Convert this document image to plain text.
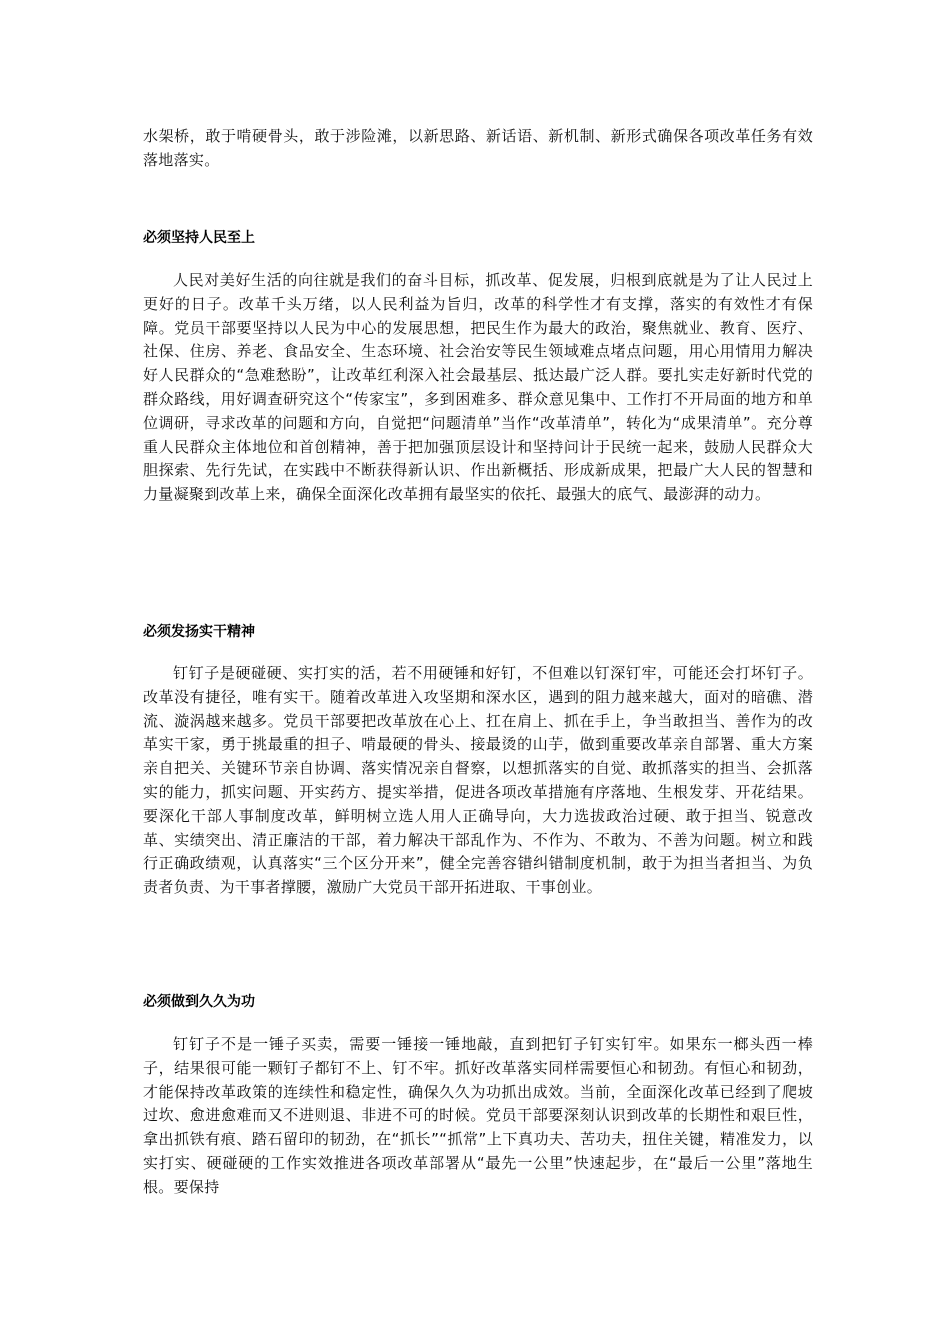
水架桥，敢于啃硬骨头，敢于涉险滩，以新思路、新话语、新机制、新形式确保各项改革任务有效落地落实。

必须坚持人民至上

人民对美好生活的向往就是我们的奋斗目标，抓改革、促发展，归根到底就是为了让人民过上更好的日子。改革千头万绪，以人民利益为旨归，改革的科学性才有支撑，落实的有效性才有保障。党员干部要坚持以人民为中心的发展思想，把民生作为最大的政治，聚焦就业、教育、医疗、社保、住房、养老、食品安全、生态环境、社会治安等民生领域难点堵点问题，用心用情用力解决好人民群众的“急难愁盼”，让改革红利深入社会最基层、抵达最广泛人群。要扎实走好新时代党的群众路线，用好调查研究这个“传家宝”，多到困难多、群众意见集中、工作打不开局面的地方和单位调研，寻求改革的问题和方向，自觉把“问题清单”当作“改革清单”，转化为“成果清单”。充分尊重人民群众主体地位和首创精神，善于把加强顶层设计和坚持问计于民统一起来，鼓励人民群众大胆探索、先行先试，在实践中不断获得新认识、作出新概括、形成新成果，把最广大人民的智慧和力量凝聚到改革上来，确保全面深化改革拥有最坚实的依托、最强大的底气、最澎湃的动力。

必须发扬实干精神

钉钉子是硬碰硬、实打实的活，若不用硬锤和好钉，不但难以钉深钉牢，可能还会打坏钉子。改革没有捷径，唯有实干。随着改革进入攻坚期和深水区，遇到的阻力越来越大，面对的暗礁、潜流、漩涡越来越多。党员干部要把改革放在心上、扛在肩上、抓在手上，争当敢担当、善作为的改革实干家，勇于挑最重的担子、啃最硬的骨头、接最烫的山芋，做到重要改革亲自部署、重大方案亲自把关、关键环节亲自协调、落实情况亲自督察，以想抓落实的自觉、敢抓落实的担当、会抓落实的能力，抓实问题、开实药方、提实举措，促进各项改革措施有序落地、生根发芽、开花结果。要深化干部人事制度改革，鲜明树立选人用人正确导向，大力选拔政治过硬、敢于担当、锐意改革、实绩突出、清正廉洁的干部，着力解决干部乱作为、不作为、不敢为、不善为问题。树立和践行正确政绩观，认真落实“三个区分开来”，健全完善容错纠错制度机制，敢于为担当者担当、为负责者负责、为干事者撑腰，激励广大党员干部开拓进取、干事创业。

必须做到久久为功

钉钉子不是一锤子买卖，需要一锤接一锤地敲，直到把钉子钉实钉牢。如果东一榔头西一棒子，结果很可能一颗钉子都钉不上、钉不牢。抓好改革落实同样需要恒心和韧劲。有恒心和韧劲，才能保持改革政策的连续性和稳定性，确保久久为功抓出成效。当前，全面深化改革已经到了爬坡过坎、愈进愈难而又不进则退、非进不可的时候。党员干部要深刻认识到改革的长期性和艰巨性，拿出抓铁有痕、踏石留印的韧劲，在“抓长”“抓常”上下真功夫、苦功夫，扭住关键，精准发力，以实打实、硬碰硬的工作实效推进各项改革部署从“最先一公里”快速起步，在“最后一公里”落地生根。要保持
